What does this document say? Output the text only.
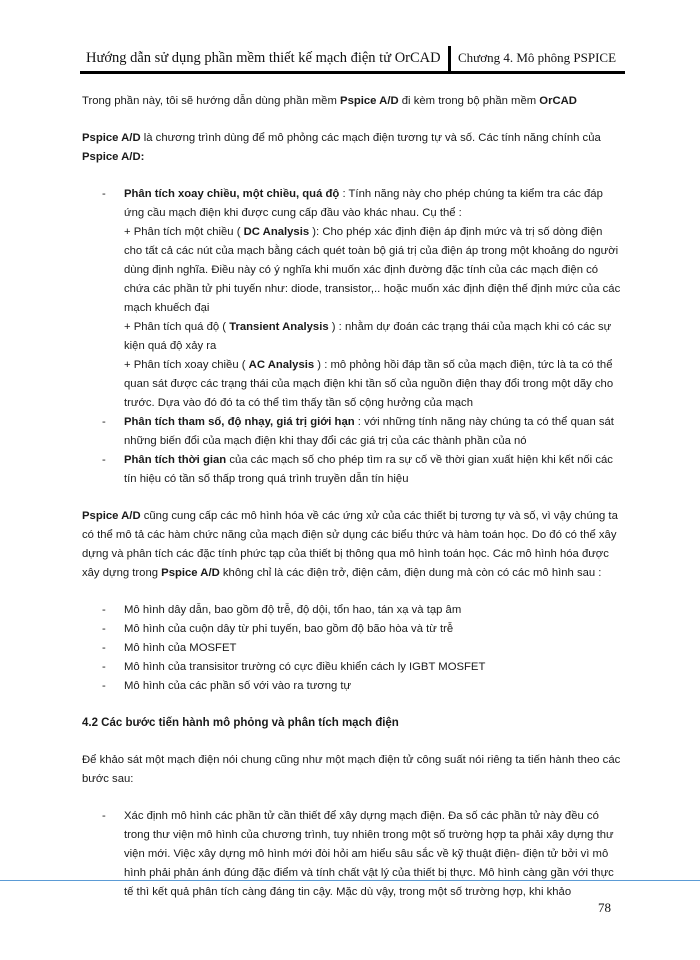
Hướng dẫn sử dụng phần mềm thiết kế mạch điện tử OrCAD Chương 4. Mô phông PSPICE

Trong phần này, tôi sẽ hướng dẫn dùng phần mềm Pspice A/D đi kèm trong bộ phần mềm OrCAD

Pspice A/D là chương trình dùng để mô phỏng các mạch điện tương tự và số. Các tính năng chính của Pspice A/D:

- Phân tích xoay chiều, một chiều, quá độ : Tính năng này cho phép chúng ta kiểm tra các đáp ứng cầu mạch điện khi được cung cấp đầu vào khác nhau. Cụ thể :
+ Phân tích một chiều ( DC Analysis ): Cho phép xác định điện áp định mức và trị số dòng điện cho tất cả các nút của mạch bằng cách quét toàn bộ giá trị của điện áp trong một khoảng do người dùng định nghĩa. Điều này có ý nghĩa khi muốn xác định đường đặc tính của các mạch điện có chứa các phần tử phi tuyến như: diode, transistor,.. hoặc muốn xác định điện thế định mức của các mạch khuếch đại
+ Phân tích quá độ ( Transient Analysis ) : nhằm dự đoán các trạng thái của mạch khi có các sự kiện quá độ xảy ra
+ Phân tích xoay chiều ( AC Analysis ) : mô phỏng hồi đáp tần số của mạch điện, tức là ta có thể quan sát được các trạng thái của mạch điện khi tần số của nguồn điện thay đổi trong một dãy cho trước. Dựa vào đó đó ta có thể tìm thấy tần số cộng hưởng của mạch
- Phân tích tham số, độ nhạy, giá trị giới hạn : với những tính năng này chúng ta có thể quan sát những biến đổi của mạch điện khi thay đổi các giá trị của các thành phần của nó
- Phân tích thời gian của các mạch số cho phép tìm ra sự cố về thời gian xuất hiện khi kết nối các tín hiệu có tần số thấp trong quá trình truyền dẫn tín hiệu

Pspice A/D cũng cung cấp các mô hình hóa về các ứng xử của các thiết bị tương tự và số, vì vậy chúng ta có thể mô tả các hàm chức năng của mạch điện sử dụng các biểu thức và hàm toán học. Do đó có thể xây dựng và phân tích các đặc tính phức tạp của thiết bị thông qua mô hình toán học. Các mô hình hóa được xây dựng trong Pspice A/D không chỉ là các điện trở, điện cảm, điện dung mà còn có các mô hình sau :

- Mô hình dây dẫn, bao gồm độ trễ, độ dội, tổn hao, tán xạ và tạp âm
- Mô hình của cuộn dây từ phi tuyến, bao gồm độ bão hòa và từ trễ
- Mô hình của MOSFET
- Mô hình của transisitor trường có cực điều khiển cách ly IGBT MOSFET
- Mô hình của các phần số với vào ra tương tự
4.2 Các bước tiến hành mô phỏng và phân tích mạch điện

Để khảo sát một mạch điện nói chung cũng như một mạch điện tử công suất nói riêng ta tiến hành theo các bước sau:

- Xác định mô hình các phần tử cần thiết để xây dựng mạch điện. Đa số các phần tử này đều có trong thư viện mô hình của chương trình, tuy nhiên trong một số trường hợp ta phải xây dựng thư viện mới. Việc xây dựng mô hình mới đòi hỏi am hiểu sâu sắc về kỹ thuật điện- điện tử bởi vì mô hình phải phản ánh đúng đặc điểm và tính chất vật lý của thiết bị thực. Mô hình càng gần với thực tế thì kết quả phân tích càng đáng tin cậy. Mặc dù vậy, trong một số trường hợp, khi khảo
78
